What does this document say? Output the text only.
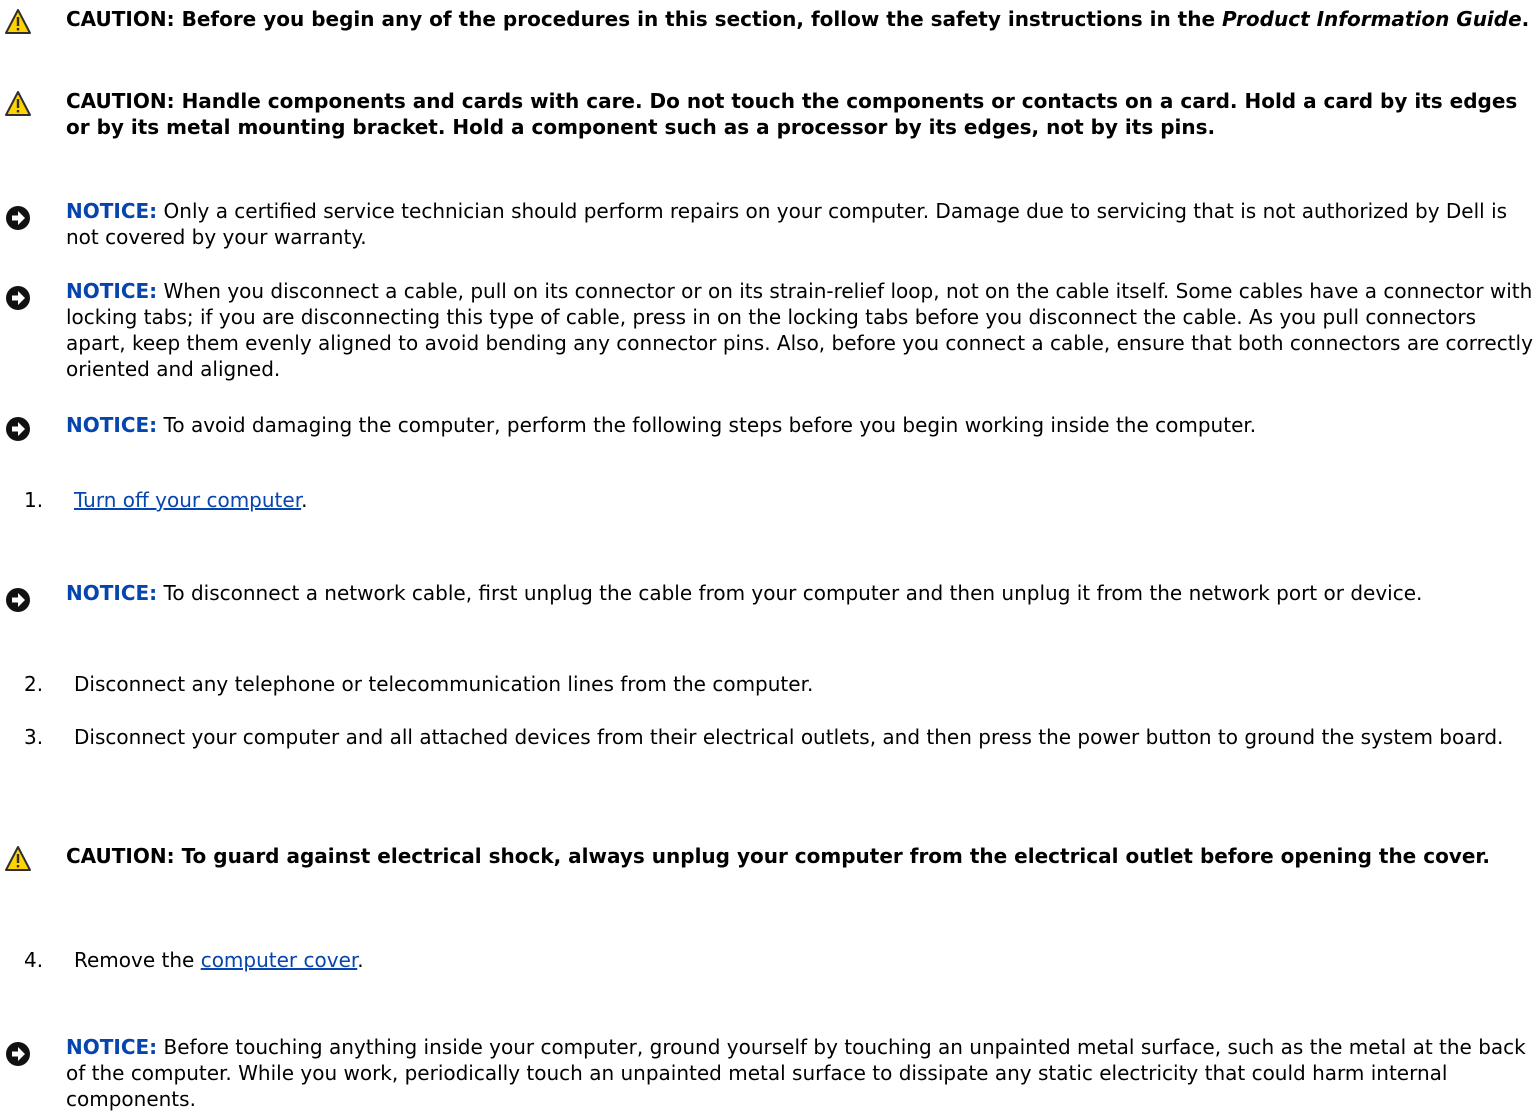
CAUTION: Before you begin any of the procedures in this section, follow the safety instructions in the Product Information Guide.
CAUTION: Handle components and cards with care. Do not touch the components or contacts on a card. Hold a card by its edges or by its metal mounting bracket. Hold a component such as a processor by its edges, not by its pins.
NOTICE: Only a certified service technician should perform repairs on your computer. Damage due to servicing that is not authorized by Dell is not covered by your warranty.
NOTICE: When you disconnect a cable, pull on its connector or on its strain-relief loop, not on the cable itself. Some cables have a connector with locking tabs; if you are disconnecting this type of cable, press in on the locking tabs before you disconnect the cable. As you pull connectors apart, keep them evenly aligned to avoid bending any connector pins. Also, before you connect a cable, ensure that both connectors are correctly oriented and aligned.
NOTICE: To avoid damaging the computer, perform the following steps before you begin working inside the computer.
1.	Turn off your computer.
NOTICE: To disconnect a network cable, first unplug the cable from your computer and then unplug it from the network port or device.
2.	Disconnect any telephone or telecommunication lines from the computer.
3.	Disconnect your computer and all attached devices from their electrical outlets, and then press the power button to ground the system board.
CAUTION: To guard against electrical shock, always unplug your computer from the electrical outlet before opening the cover.
4.	Remove the computer cover.
NOTICE: Before touching anything inside your computer, ground yourself by touching an unpainted metal surface, such as the metal at the back of the computer. While you work, periodically touch an unpainted metal surface to dissipate any static electricity that could harm internal components.
